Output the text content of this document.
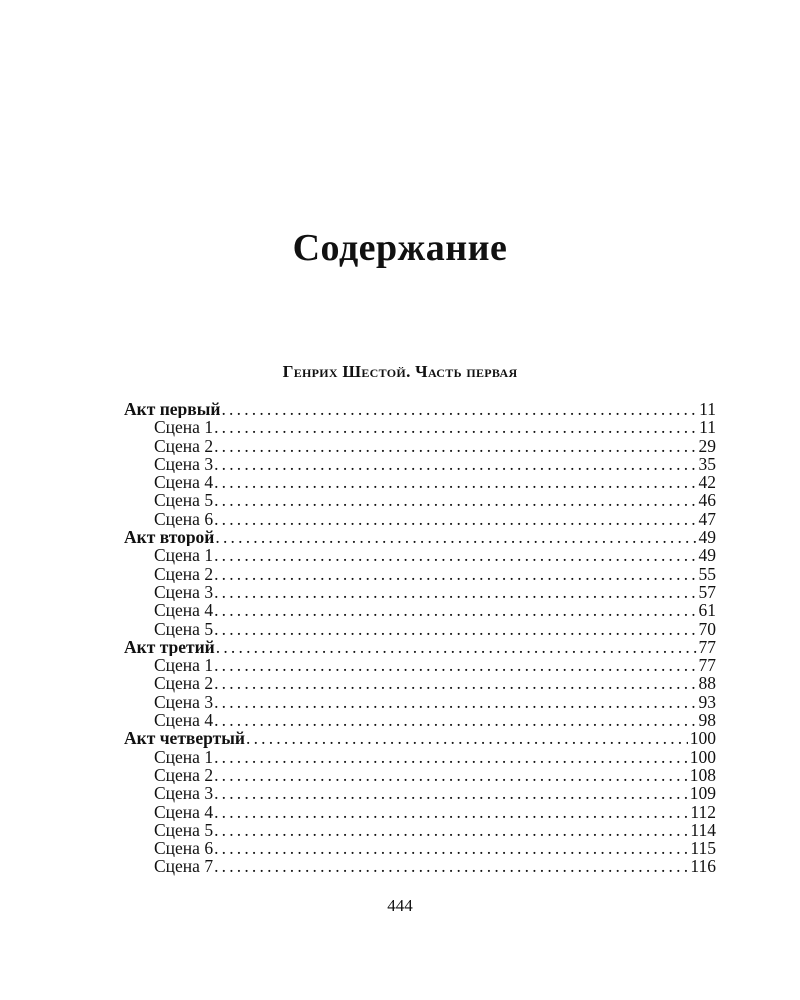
Содержание
Генрих Шестой. Часть первая
Акт первый .....	11
Сцена 1 .....	11
Сцена 2 .....	29
Сцена 3 .....	35
Сцена 4 .....	42
Сцена 5 .....	46
Сцена 6 .....	47
Акт второй .....	49
Сцена 1 .....	49
Сцена 2 .....	55
Сцена 3 .....	57
Сцена 4 .....	61
Сцена 5 .....	70
Акт третий .....	77
Сцена 1 .....	77
Сцена 2 .....	88
Сцена 3 .....	93
Сцена 4 .....	98
Акт четвертый .....	100
Сцена 1 .....	100
Сцена 2 .....	108
Сцена 3 .....	109
Сцена 4 .....	112
Сцена 5 .....	114
Сцена 6 .....	115
Сцена 7 .....	116
444
